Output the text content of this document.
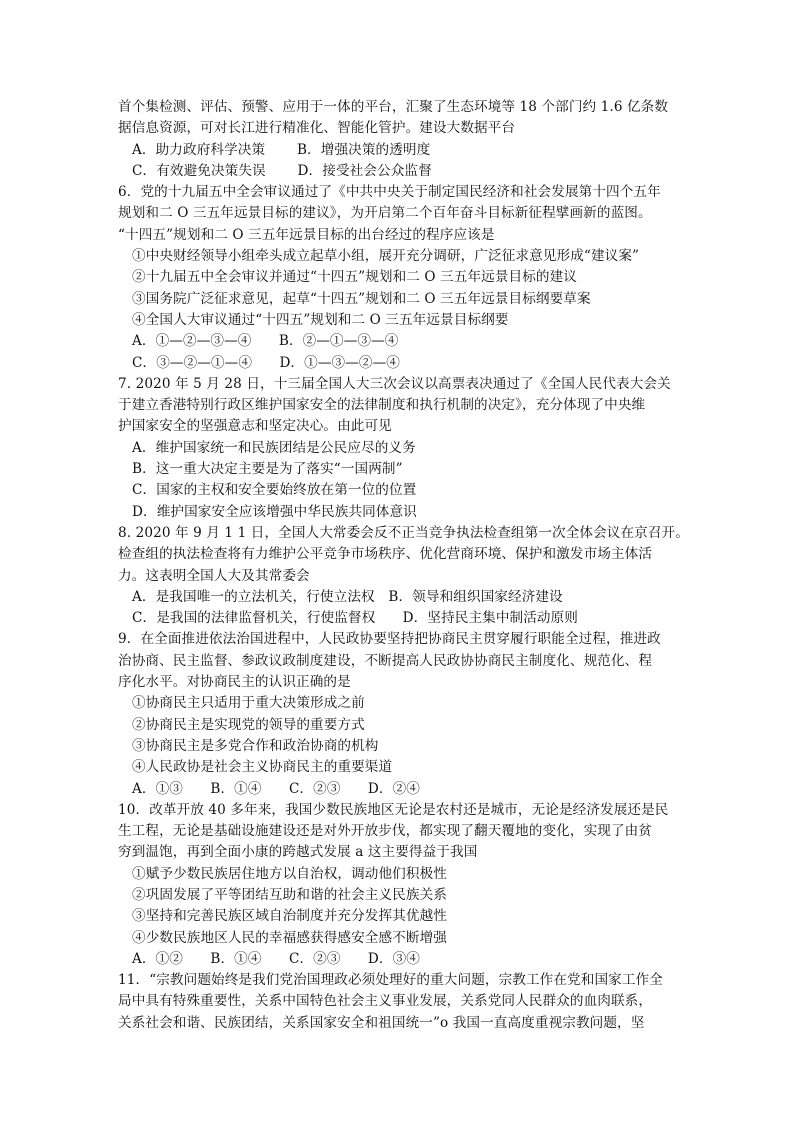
首个集检测、评估、预警、应用于一体的平台，汇聚了生态环境等 18 个部门约 1.6 亿条数
据信息资源，可对长江进行精准化、智能化管护。建设大数据平台
A．助力政府科学决策　　 B．增强决策的透明度
C．有效避免决策失误　　 D．接受社会公众监督
6．党的十九届五中全会审议通过了《中共中央关于制定国民经济和社会发展第十四个五年
规划和二 O 三五年远景目标的建议》，为开启第二个百年奋斗目标新征程擘画新的蓝图。
“十四五”规划和二 O 三五年远景目标的出台经过的程序应该是
①中央财经领导小组牵头成立起草小组，展开充分调研，广泛征求意见形成“建议案”
②十九届五中全会审议并通过“十四五”规划和二 O 三五年远景目标的建议
③国务院广泛征求意见，起草“十四五”规划和二 O 三五年远景目标纲要草案
④全国人大审议通过“十四五”规划和二 O 三五年远景目标纲要
A．①—②—③—④　　B．②—①—③—④
C．③—②—①—④　　D．①—③—②—④
7. 2020 年 5 月 28 日，十三届全国人大三次会议以高票表决通过了《全国人民代表大会关
于建立香港特别行政区维护国家安全的法律制度和执行机制的决定》，充分体现了中央维
护国家安全的坚强意志和坚定决心。由此可见
A．维护国家统一和民族团结是公民应尽的义务
B．这一重大决定主要是为了落实“一国两制”
C．国家的主权和安全要始终放在第一位的位置
D．维护国家安全应该增强中华民族共同体意识
8. 2020 年 9 月 1 1 日，全国人大常委会反不正当竞争执法检查组第一次全体会议在京召开。
检查组的执法检查将有力维护公平竞争市场秩序、优化营商环境、保护和激发市场主体活
力。这表明全国人大及其常委会
A．是我国唯一的立法机关，行使立法权　B．领导和组织国家经济建设
C．是我国的法律监督机关，行使监督权　　D．坚持民主集中制活动原则
9．在全面推进依法治国进程中，人民政协要坚持把协商民主贯穿履行职能全过程，推进政
治协商、民主监督、参政议政制度建设，不断提高人民政协协商民主制度化、规范化、程
序化水平。对协商民主的认识正确的是
①协商民主只适用于重大决策形成之前
②协商民主是实现党的领导的重要方式
③协商民主是多党合作和政治协商的机构
④人民政协是社会主义协商民主的重要渠道
A．①③　　B．①④　　C．②③　　D．②④
10．改革开放 40 多年来，我国少数民族地区无论是农村还是城市，无论是经济发展还是民
生工程，无论是基础设施建设还是对外开放步伐，都实现了翻天覆地的变化，实现了由贫
穷到温饱，再到全面小康的跨越式发展 a 这主要得益于我国
①赋予少数民族居住地方以自治权，调动他们积极性
②巩固发展了平等团结互助和谐的社会主义民族关系
③坚持和完善民族区域自治制度并充分发挥其优越性
④少数民族地区人民的幸福感获得感安全感不断增强
A．①②　　B．①④　　C．②③　　D．③④
11．“宗教问题始终是我们党治国理政必须处理好的重大问题，宗教工作在党和国家工作全
局中具有特殊重要性，关系中国特色社会主义事业发展，关系党同人民群众的血肉联系，
关系社会和谐、民族团结，关系国家安全和祖国统一”o 我国一直高度重视宗教问题，坚
